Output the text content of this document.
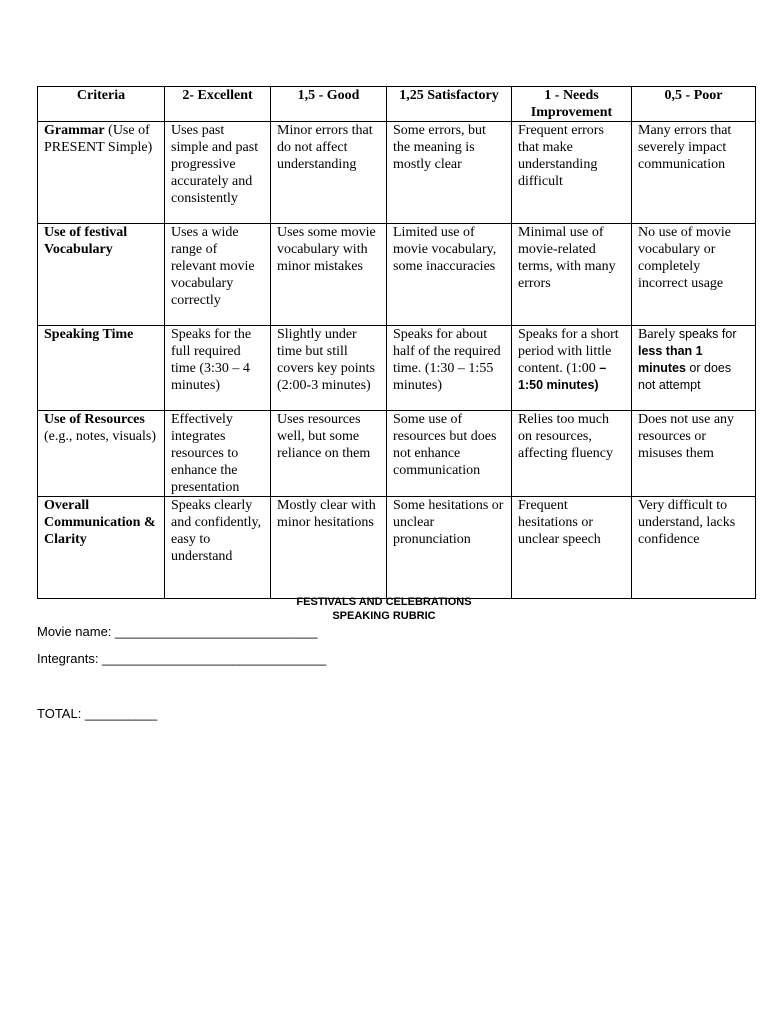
Criteria	2- Excellent	1,5 - Good	1,25 Satisfactory	1 - Needs Improvement	0,5 - Poor
Grammar (Use of PRESENT Simple)	Uses past simple and past progressive accurately and consistently	Minor errors that do not affect understanding	Some errors, but the meaning is mostly clear	Frequent errors that make understanding difficult	Many errors that severely impact communication
Use of festival Vocabulary	Uses a wide range of relevant movie vocabulary correctly	Uses some movie vocabulary with minor mistakes	Limited use of movie vocabulary, some inaccuracies	Minimal use of movie-related terms, with many errors	No use of movie vocabulary or completely incorrect usage
Speaking Time	Speaks for the full required time (3:30 – 4 minutes)	Slightly under time but still covers key points (2:00-3 minutes)	Speaks for about half of the required time. (1:30 – 1:55 minutes)	Speaks for a short period with little content. (1:00 – 1:50 minutes)	Barely speaks for less than 1 minutes or does not attempt
Use of Resources (e.g., notes, visuals)	Effectively integrates resources to enhance the presentation	Uses resources well, but some reliance on them	Some use of resources but does not enhance communication	Relies too much on resources, affecting fluency	Does not use any resources or misuses them
Overall Communication & Clarity	Speaks clearly and confidently, easy to understand	Mostly clear with minor hesitations	Some hesitations or unclear pronunciation	Frequent hesitations or unclear speech	Very difficult to understand, lacks confidence
FESTIVALS AND CELEBRATIONS
SPEAKING RUBRIC
Movie name: ____________________________
Integrants: _______________________________
TOTAL: __________
